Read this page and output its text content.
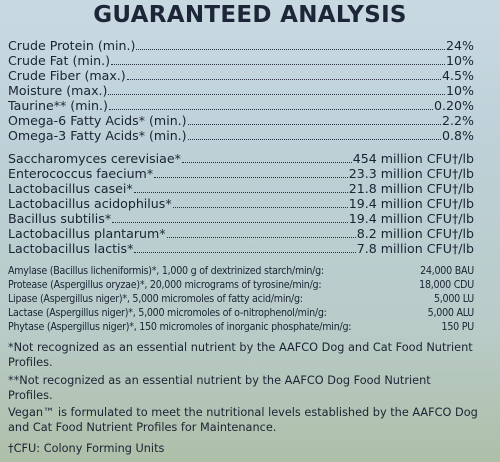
GUARANTEED ANALYSIS
Crude Protein (min.)	24%
Crude Fat (min.)	10%
Crude Fiber (max.)	4.5%
Moisture (max.)	10%
Taurine** (min.)	0.20%
Omega-6 Fatty Acids* (min.)	2.2%
Omega-3 Fatty Acids* (min.)	0.8%
Saccharomyces cerevisiae*	454 million CFU†/lb
Enterococcus faecium*	23.3 million CFU†/lb
Lactobacillus casei*	21.8 million CFU†/lb
Lactobacillus acidophilus*	19.4 million CFU†/lb
Bacillus subtilis*	19.4 million CFU†/lb
Lactobacillus plantarum*	8.2 million CFU†/lb
Lactobacillus lactis*	7.8 million CFU†/lb
Amylase (Bacillus licheniformis)*, 1,000 g of dextrinized starch/min/g:	24,000 BAU
Protease (Aspergillus oryzae)*, 20,000 micrograms of tyrosine/min/g:	18,000 CDU
Lipase (Aspergillus niger)*, 5,000 micromoles of fatty acid/min/g:	5,000 LU
Lactase (Aspergillus niger)*, 5,000 micromoles of o-nitrophenol/min/g:	5,000 ALU
Phytase (Aspergillus niger)*, 150 micromoles of inorganic phosphate/min/g:	150 PU
*Not recognized as an essential nutrient by the AAFCO Dog and Cat Food Nutrient Profiles.
**Not recognized as an essential nutrient by the AAFCO Dog Food Nutrient Profiles.
Vegan™ is formulated to meet the nutritional levels established by the AAFCO Dog and Cat Food Nutrient Profiles for Maintenance.
†CFU: Colony Forming Units
